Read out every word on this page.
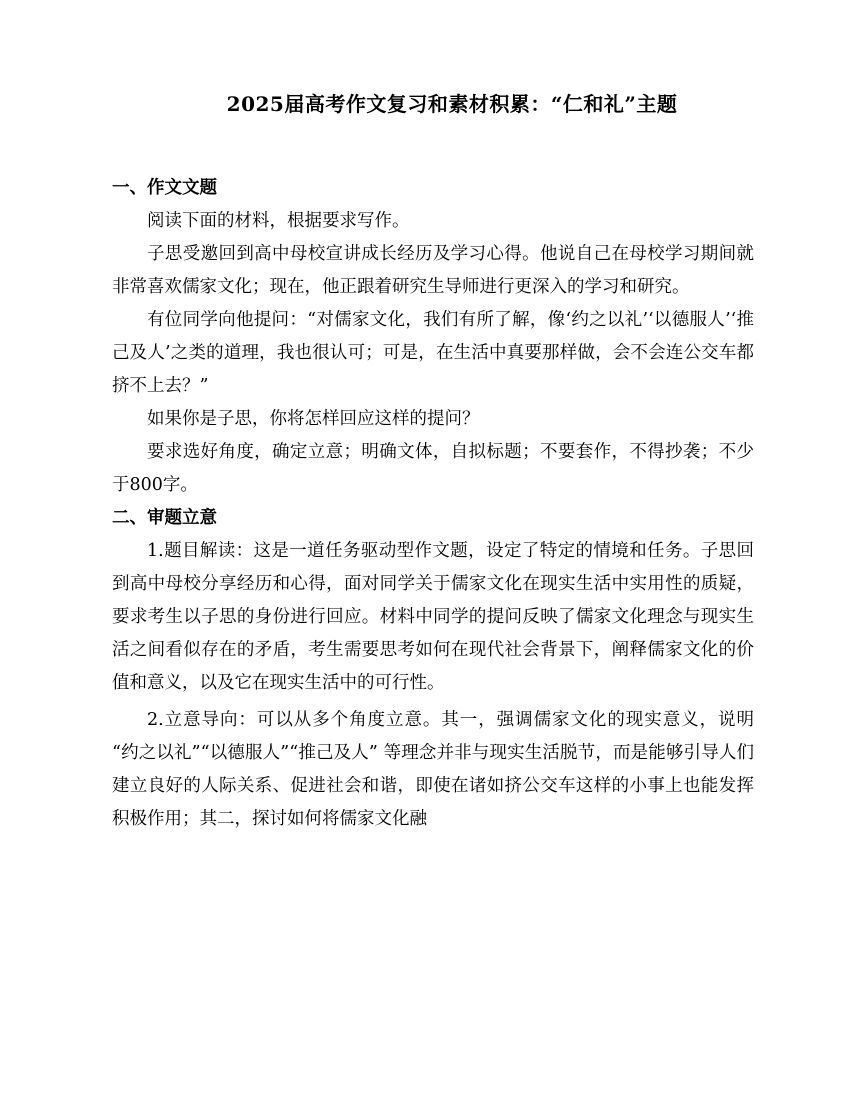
2025届高考作文复习和素材积累：“仁和礼”主题
一、作文文题

阅读下面的材料，根据要求写作。

子思受邀回到高中母校宣讲成长经历及学习心得。他说自己在母校学习期间就非常喜欢儒家文化；现在，他正跟着研究生导师进行更深入的学习和研究。

有位同学向他提问：“对儒家文化，我们有所了解，像‘约之以礼’‘以德服人’‘推己及人’之类的道理，我也很认可；可是，在生活中真要那样做，会不会连公交车都挤不上去？”

如果你是子思，你将怎样回应这样的提问？

要求选好角度，确定立意；明确文体，自拟标题；不要套作，不得抄袭；不少于800字。

二、审题立意

1.题目解读：这是一道任务驱动型作文题，设定了特定的情境和任务。子思回到高中母校分享经历和心得，面对同学关于儒家文化在现实生活中实用性的质疑，要求考生以子思的身份进行回应。材料中同学的提问反映了儒家文化理念与现实生活之间看似存在的矛盾，考生需要思考如何在现代社会背景下，阐释儒家文化的价值和意义，以及它在现实生活中的可行性。

2.立意导向：可以从多个角度立意。其一，强调儒家文化的现实意义，说明 “约之以礼”“以德服人”“推己及人” 等理念并非与现实生活脱节，而是能够引导人们建立良好的人际关系、促进社会和谐，即使在诸如挤公交车这样的小事上也能发挥积极作用；其二，探讨如何将儒家文化融
